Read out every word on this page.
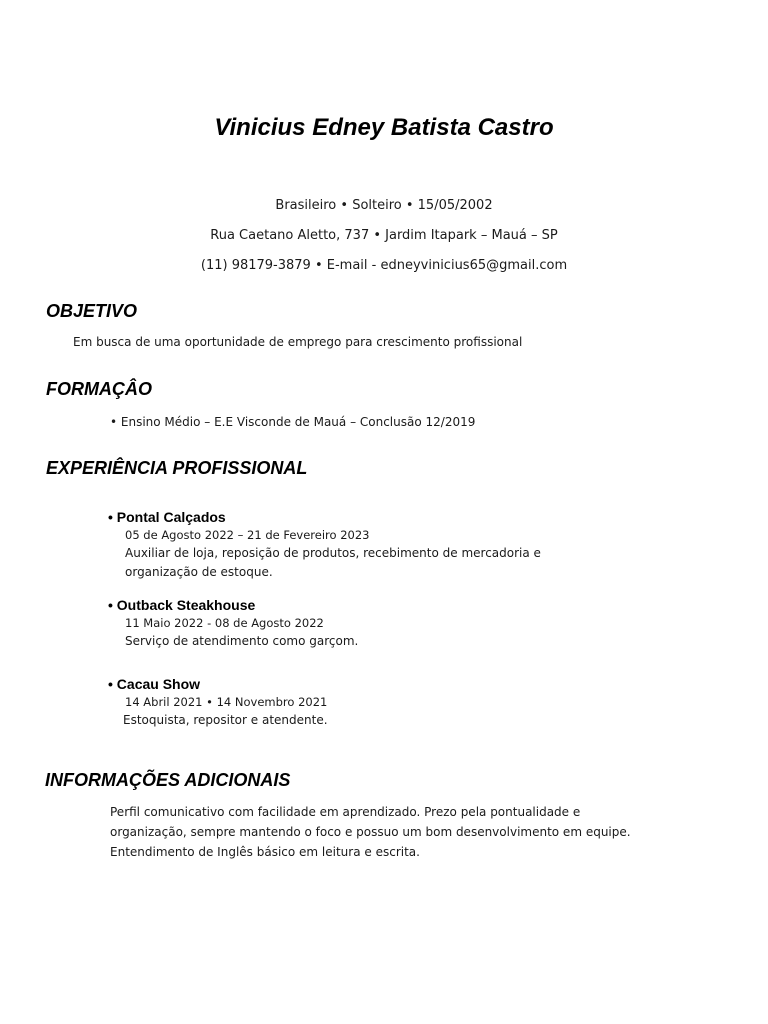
Vinicius Edney Batista Castro
Brasileiro • Solteiro • 15/05/2002
Rua Caetano Aletto, 737 • Jardim Itapark – Mauá – SP
(11) 98179-3879 • E-mail - edneyvinicius65@gmail.com
OBJETIVO
Em busca de uma oportunidade de emprego para crescimento profissional
FORMAÇÂO
• Ensino Médio – E.E Visconde de Mauá – Conclusão 12/2019
EXPERIÊNCIA PROFISSIONAL
• Pontal Calçados
05 de Agosto 2022 – 21 de Fevereiro 2023
Auxiliar de loja, reposição de produtos, recebimento de mercadoria e
organização de estoque.
• Outback Steakhouse
11 Maio 2022 - 08 de Agosto 2022
Serviço de atendimento como garçom.
• Cacau Show
14 Abril 2021 • 14 Novembro 2021
Estoquista, repositor e atendente.
INFORMAÇÕES ADICIONAIS
Perfil comunicativo com facilidade em aprendizado. Prezo pela pontualidade e
organização, sempre mantendo o foco e possuo um bom desenvolvimento em equipe.
Entendimento de Inglês básico em leitura e escrita.
